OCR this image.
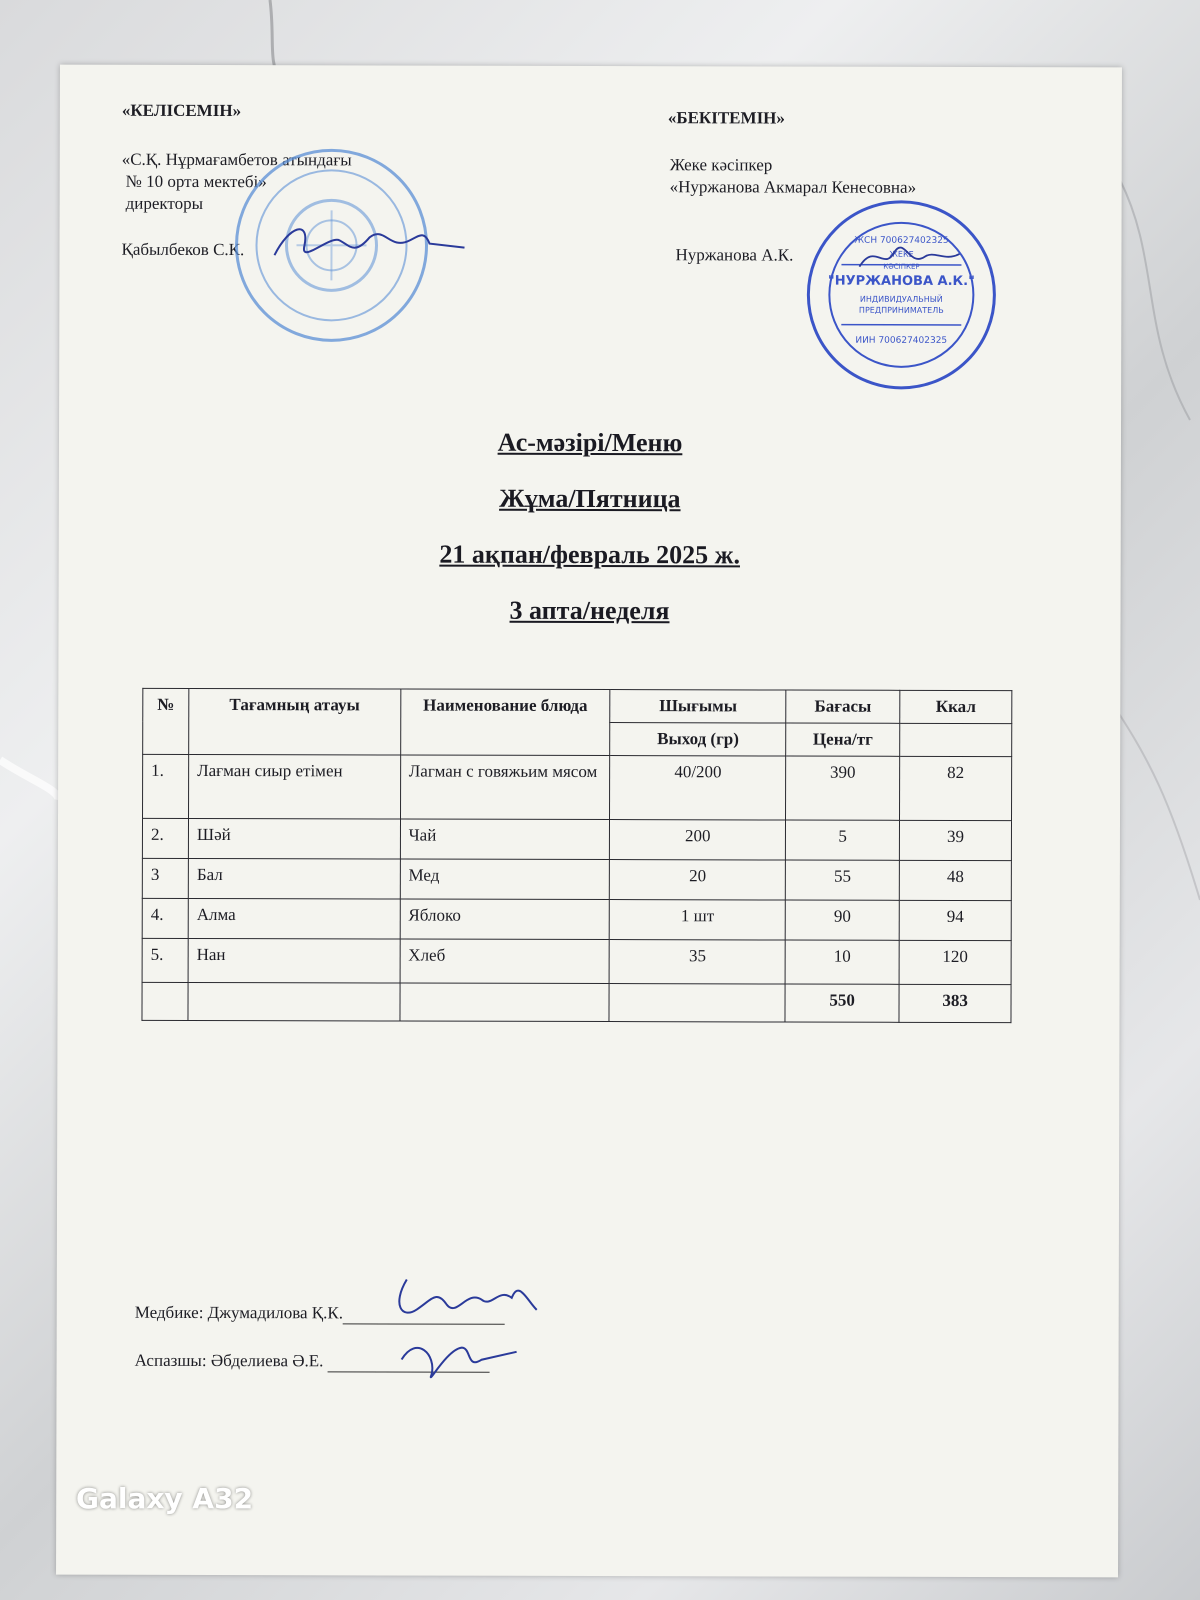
«КЕЛІСЕМІН»
«С.Қ. Нұрмағамбетов атындағы
№ 10 орта мектебі»
директоры
Қабылбеков С.К.
«БЕКІТЕМІН»
Жеке кәсіпкер
«Нуржанова Акмарал Кенесовна»
Нуржанова А.К.
ЖСН 700627402325
ЖЕКЕ
"НУРЖАНОВА А.К."
ИНДИВИДУАЛЬНЫЙ
ПРЕДПРИНИМАТЕЛЬ
ИИН 700627402325
КӘСІПКЕР
Ас-мәзірі/Меню
Жұма/Пятница
21 ақпан/февраль 2025 ж.
3 апта/неделя
№	Тағамның атауы	Наименование блюда	Шығымы	Бағасы	Ккал
			Выход (гр)	Цена/тг	
1.	Лағман сиыр етімен	Лагман с говяжьим мясом	40/200	390	82
2.	Шәй	Чай	200	5	39
3	Бал	Мед	20	55	48
4.	Алма	Яблоко	1 шт	90	94
5.	Нан	Хлеб	35	10	120
				550	383
Медбике: Джумадилова Қ.К.
Аспазшы: Әбделиева Ә.Е.
Galaxy A32
